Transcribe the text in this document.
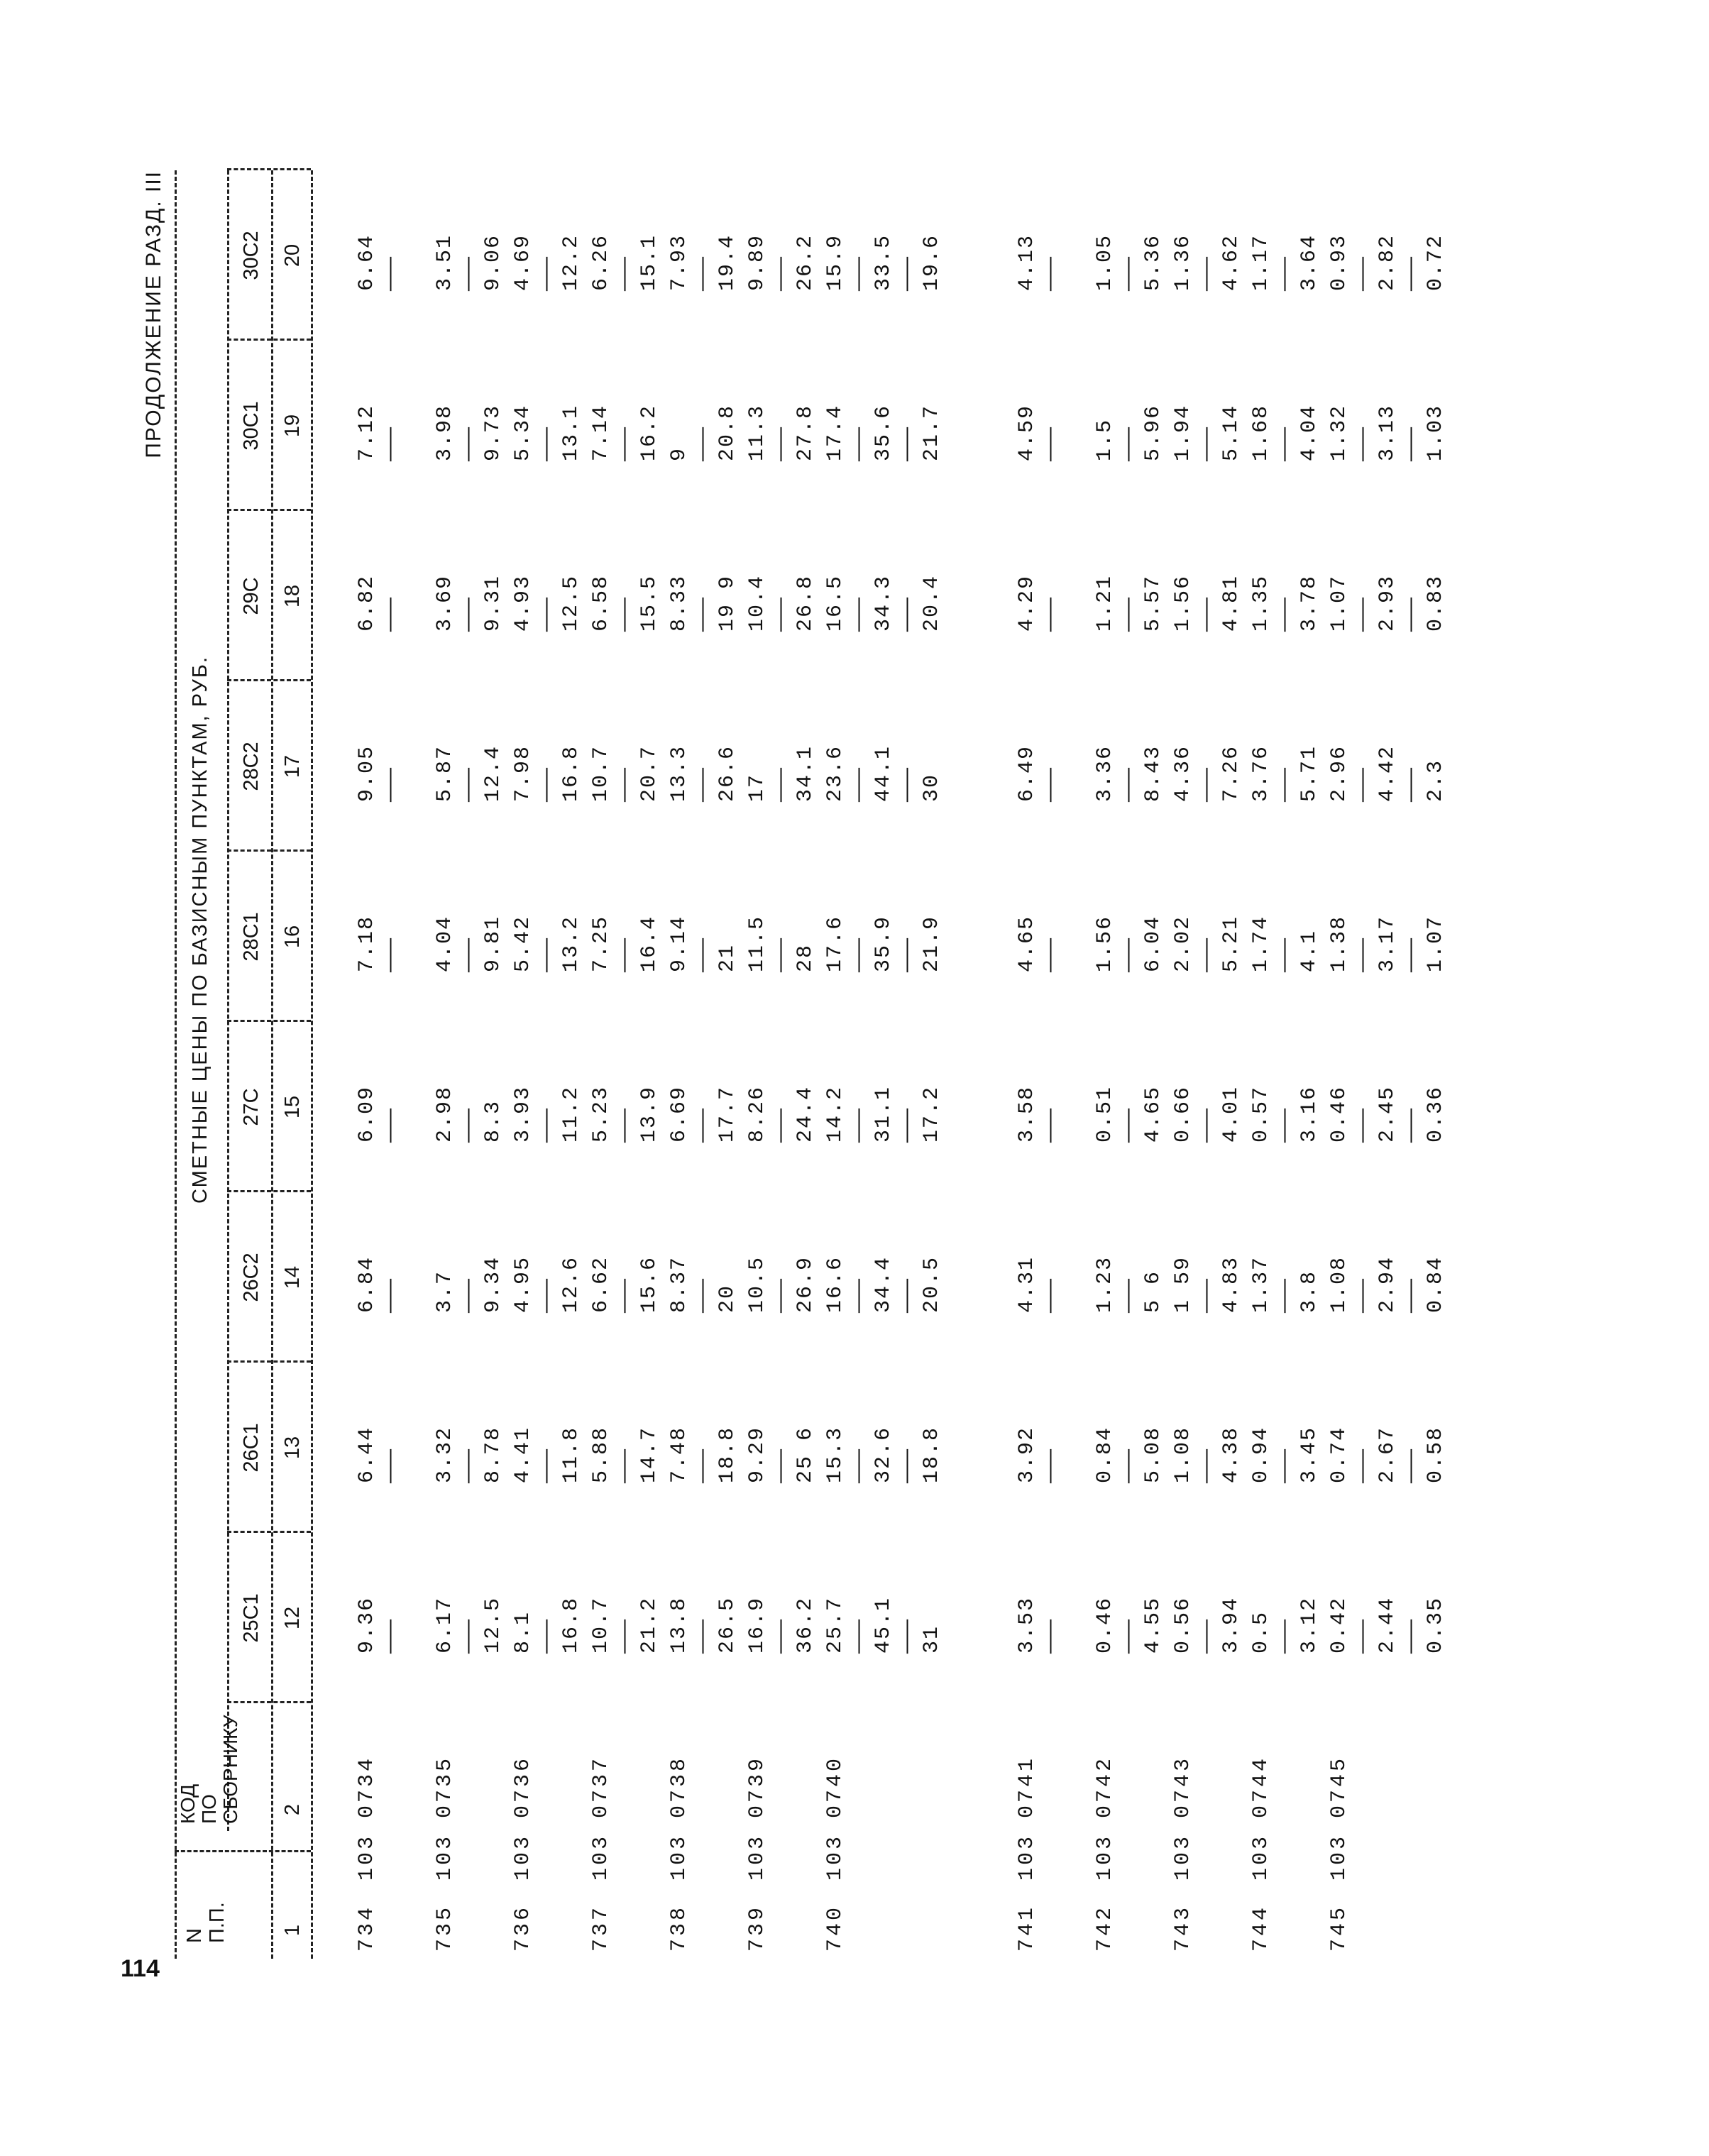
114
ПРОДОЛЖЕНИЕ РАЗД. III
N
П.П.
КОД
ПО
СБОРНИКУ
СМЕТНЫЕ ЦЕНЫ ПО БАЗИСНЫМ ПУНКТАМ, РУБ.
25С1
26С1
26С2
27С
28С1
28С2
29С
30С1
30С2
1
2
12
13
14
15
16
17
18
19
20
734
103 0734
9.36
———
6.44
———
6.84
———
6.09
———
7.18
———
9.05
———
6.82
———
7.12
———
6.64
———
735
103 0735
6.17 ——— 12.5
3.32 ——— 8.78
3.7 ——— 9.34
2.98 ——— 8.3
4.04 ——— 9.81
5.87 ——— 12.4
3.69 ——— 9.31
3.98 ——— 9.73
3.51 ——— 9.06
736
103 0736
8.1 ——— 16.8
4.41 ——— 11.8
4.95 ——— 12.6
3.93 ——— 11.2
5.42 ——— 13.2
7.98 ——— 16.8
4.93 ——— 12.5
5.34 ——— 13.1
4.69 ——— 12.2
737
103 0737
10.7 ——— 21.2
5.88 ——— 14.7
6.62 ——— 15.6
5.23 ——— 13.9
7.25 ——— 16.4
10.7 ——— 20.7
6.58 ——— 15.5
7.14 ——— 16.2
6.26 ——— 15.1
738
103 0738
13.8 ——— 26.5
7.48 ——— 18.8
8.37 ——— 20
6.69 ——— 17.7
9.14 ——— 21
13.3 ——— 26.6
8.33 ——— 19 9
9 ——— 20.8
7.93 ——— 19.4
739
103 0739
16.9 ——— 36.2
9.29 ——— 25 6
10.5 ——— 26.9
8.26 ——— 24.4
11.5 ——— 28
17 ——— 34.1
10.4 ——— 26.8
11.3 ——— 27.8
9.89 ——— 26.2
740
103 0740
25.7 ——— 45.1 ——— 31
15.3 ——— 32.6 ——— 18.8
16.6 ——— 34.4 ——— 20.5
14.2 ——— 31.1 ——— 17.2
17.6 ——— 35.9 ——— 21.9
23.6 ——— 44.1 ——— 30
16.5 ——— 34.3 ——— 20.4
17.4 ——— 35.6 ——— 21.7
15.9 ——— 33.5 ——— 19.6
741
103 0741
3.53
———
3.92
———
4.31
———
3.58
———
4.65
———
6.49
———
4.29
———
4.59
———
4.13
———
742
103 0742
0.46 ——— 4.55
0.84 ——— 5.08
1.23 ——— 5 6
0.51 ——— 4.65
1.56 ——— 6.04
3.36 ——— 8.43
1.21 ——— 5.57
1.5 ——— 5.96
1.05 ——— 5.36
743
103 0743
0.56 ——— 3.94
1.08 ——— 4.38
1 59 ——— 4.83
0.66 ——— 4.01
2.02 ——— 5.21
4.36 ——— 7.26
1.56 ——— 4.81
1.94 ——— 5.14
1.36 ——— 4.62
744
103 0744
0.5 ——— 3.12
0.94 ——— 3.45
1.37 ——— 3.8
0.57 ——— 3.16
1.74 ——— 4.1
3.76 ——— 5.71
1.35 ——— 3.78
1.68 ——— 4.04
1.17 ——— 3.64
745
103 0745
0.42 ——— 2.44 ——— 0.35
0.74 ——— 2.67 ——— 0.58
1.08 ——— 2.94 ——— 0.84
0.46 ——— 2.45 ——— 0.36
1.38 ——— 3.17 ——— 1.07
2.96 ——— 4.42 ——— 2.3
1.07 ——— 2.93 ——— 0.83
1.32 ——— 3.13 ——— 1.03
0.93 ——— 2.82 ——— 0.72
